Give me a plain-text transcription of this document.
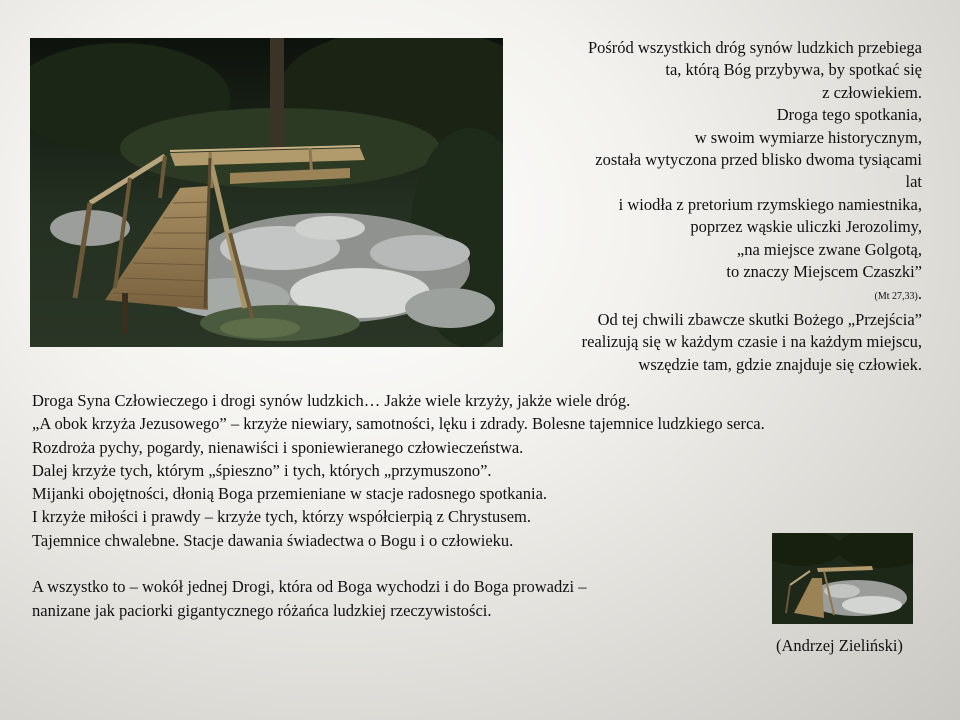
Pośród wszystkich dróg synów ludzkich przebiega
ta, którą Bóg przybywa, by spotkać się
z człowiekiem.
Droga tego spotkania,
w swoim wymiarze historycznym,
została wytyczona przed blisko dwoma tysiącami
lat
i wiodła z pretorium rzymskiego namiestnika,
poprzez wąskie uliczki Jerozolimy,
„na miejsce zwane Golgotą,
to znaczy Miejscem Czaszki”
(Mt 27,33).
Od tej chwili zbawcze skutki Bożego „Przejścia”
realizują się w każdym czasie i na każdym miejscu,
wszędzie tam, gdzie znajduje się człowiek.
Droga Syna Człowieczego i drogi synów ludzkich… Jakże wiele krzyży, jakże wiele dróg.
„A obok krzyża Jezusowego” – krzyże niewiary, samotności, lęku i zdrady. Bolesne tajemnice ludzkiego serca.
Rozdroża pychy, pogardy, nienawiści i sponiewieranego człowieczeństwa.
Dalej krzyże tych, którym „śpieszno” i tych, których „przymuszono”.
Mijanki obojętności, dłonią Boga przemieniane w stacje radosnego spotkania.
I krzyże miłości i prawdy – krzyże tych, którzy współcierpią z Chrystusem.
Tajemnice chwalebne. Stacje dawania świadectwa o Bogu i o człowieku.
A wszystko to – wokół jednej Drogi, która od Boga wychodzi i do Boga prowadzi –
nanizane jak paciorki gigantycznego różańca ludzkiej rzeczywistości.
(Andrzej Zieliński)
